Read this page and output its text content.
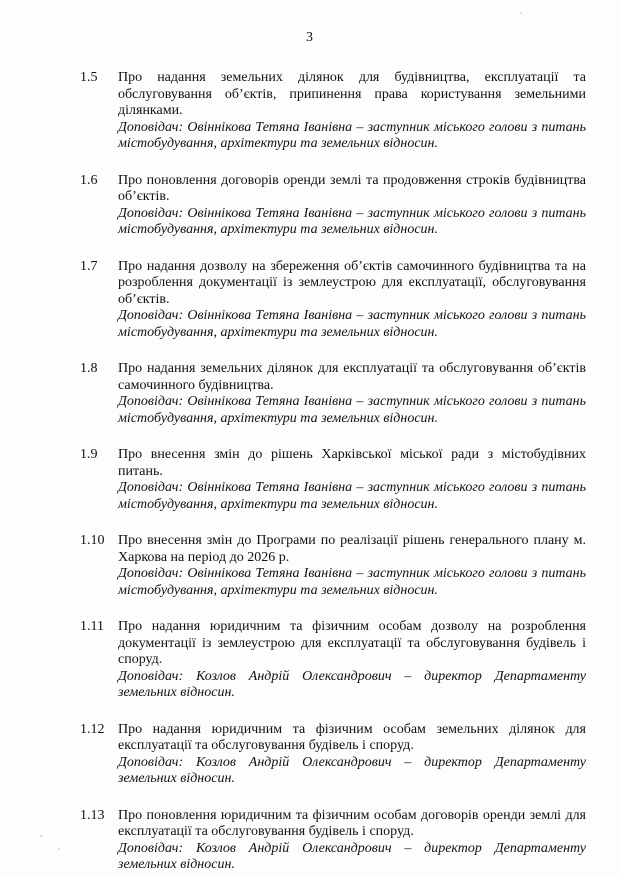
3
1.5	Про надання земельних ділянок для будівництва, експлуатації та обслуговування об’єктів, припинення права користування земельними ділянками.
Доповідач: Овіннікова Тетяна Іванівна – заступник міського голови з питань містобудування, архітектури та земельних відносин.
1.6	Про поновлення договорів оренди землі та продовження строків будівництва об’єктів.
Доповідач: Овіннікова Тетяна Іванівна – заступник міського голови з питань містобудування, архітектури та земельних відносин.
1.7	Про надання дозволу на збереження об’єктів самочинного будівництва та на розроблення документації із землеустрою для експлуатації, обслуговування об’єктів.
Доповідач: Овіннікова Тетяна Іванівна – заступник міського голови з питань містобудування, архітектури та земельних відносин.
1.8	Про надання земельних ділянок для експлуатації та обслуговування об’єктів самочинного будівництва.
Доповідач: Овіннікова Тетяна Іванівна – заступник міського голови з питань містобудування, архітектури та земельних відносин.
1.9	Про внесення змін до рішень Харківської міської ради з містобудівних питань.
Доповідач: Овіннікова Тетяна Іванівна – заступник міського голови з питань містобудування, архітектури та земельних відносин.
1.10 Про внесення змін до Програми по реалізації рішень генерального плану м. Харкова на період до 2026 р.
Доповідач: Овіннікова Тетяна Іванівна – заступник міського голови з питань містобудування, архітектури та земельних відносин.
1.11	Про надання юридичним та фізичним особам дозволу на розроблення документації із землеустрою для експлуатації та обслуговування будівель і споруд.
Доповідач: Козлов Андрій Олександрович – директор Департаменту земельних відносин.
1.12 Про надання юридичним та фізичним особам земельних ділянок для експлуатації та обслуговування будівель і споруд.
Доповідач: Козлов Андрій Олександрович – директор Департаменту земельних відносин.
1.13 Про поновлення юридичним та фізичним особам договорів оренди землі для експлуатації та обслуговування будівель і споруд.
Доповідач: Козлов Андрій Олександрович – директор Департаменту земельних відносин.
